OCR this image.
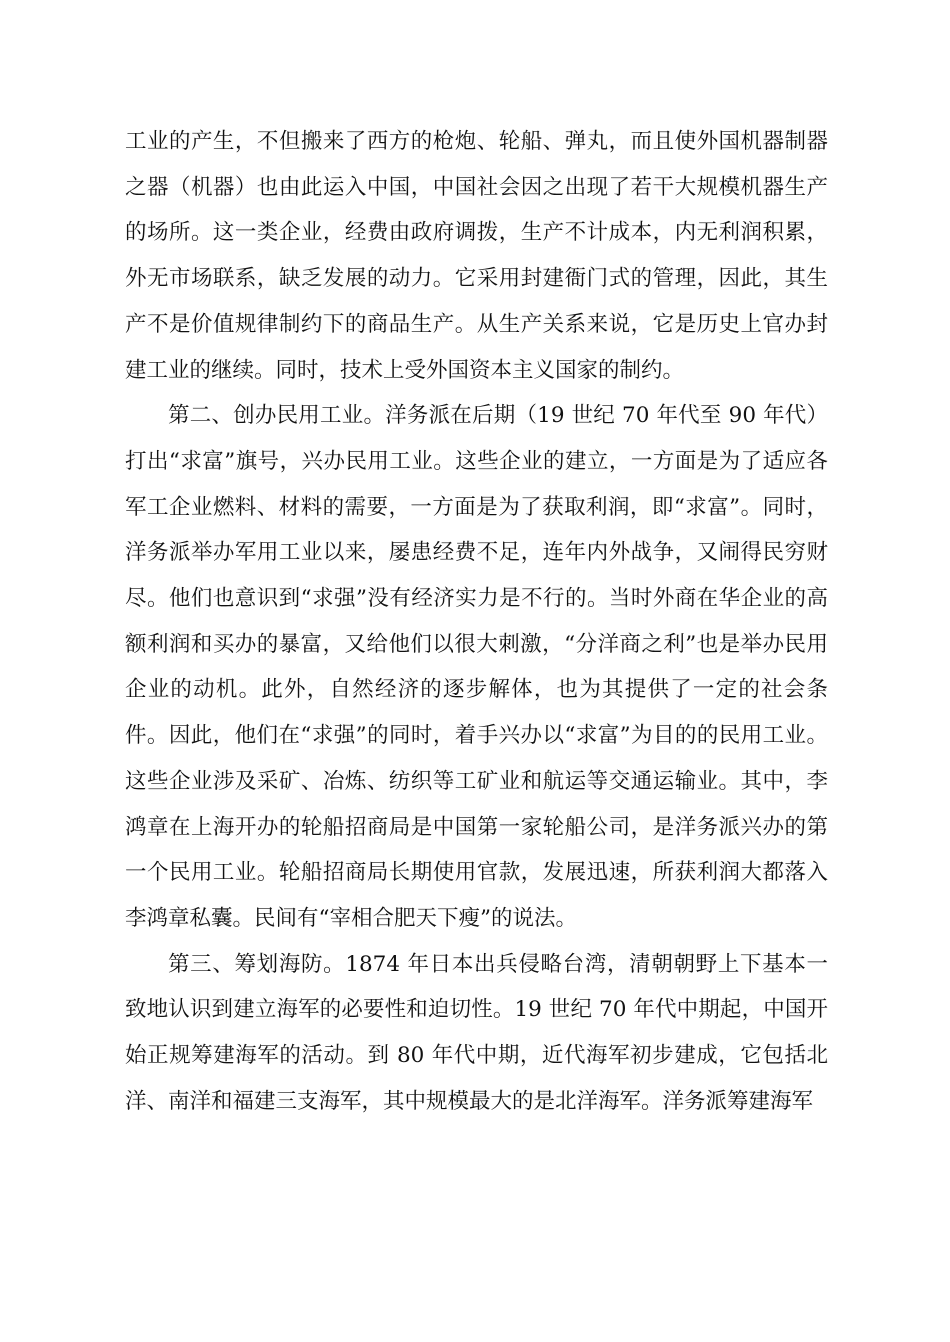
工业的产生，不但搬来了西方的枪炮、轮船、弹丸，而且使外国机器制器之器（机器）也由此运入中国，中国社会因之出现了若干大规模机器生产的场所。这一类企业，经费由政府调拨，生产不计成本，内无利润积累，外无市场联系，缺乏发展的动力。它采用封建衙门式的管理，因此，其生产不是价值规律制约下的商品生产。从生产关系来说，它是历史上官办封建工业的继续。同时，技术上受外国资本主义国家的制约。

第二、创办民用工业。洋务派在后期（19 世纪 70 年代至 90 年代）打出“求富”旗号，兴办民用工业。这些企业的建立，一方面是为了适应各军工企业燃料、材料的需要，一方面是为了获取利润，即“求富”。同时，洋务派举办军用工业以来，屡患经费不足，连年内外战争，又闹得民穷财尽。他们也意识到“求强”没有经济实力是不行的。当时外商在华企业的高额利润和买办的暴富，又给他们以很大刺激，“分洋商之利”也是举办民用企业的动机。此外，自然经济的逐步解体，也为其提供了一定的社会条件。因此，他们在“求强”的同时，着手兴办以“求富”为目的的民用工业。这些企业涉及采矿、冶炼、纺织等工矿业和航运等交通运输业。其中，李鸿章在上海开办的轮船招商局是中国第一家轮船公司，是洋务派兴办的第一个民用工业。轮船招商局长期使用官款，发展迅速，所获利润大都落入李鸿章私囊。民间有“宰相合肥天下瘦”的说法。

第三、筹划海防。1874 年日本出兵侵略台湾，清朝朝野上下基本一致地认识到建立海军的必要性和迫切性。19 世纪 70 年代中期起，中国开始正规筹建海军的活动。到 80 年代中期，近代海军初步建成，它包括北洋、南洋和福建三支海军，其中规模最大的是北洋海军。洋务派筹建海军
